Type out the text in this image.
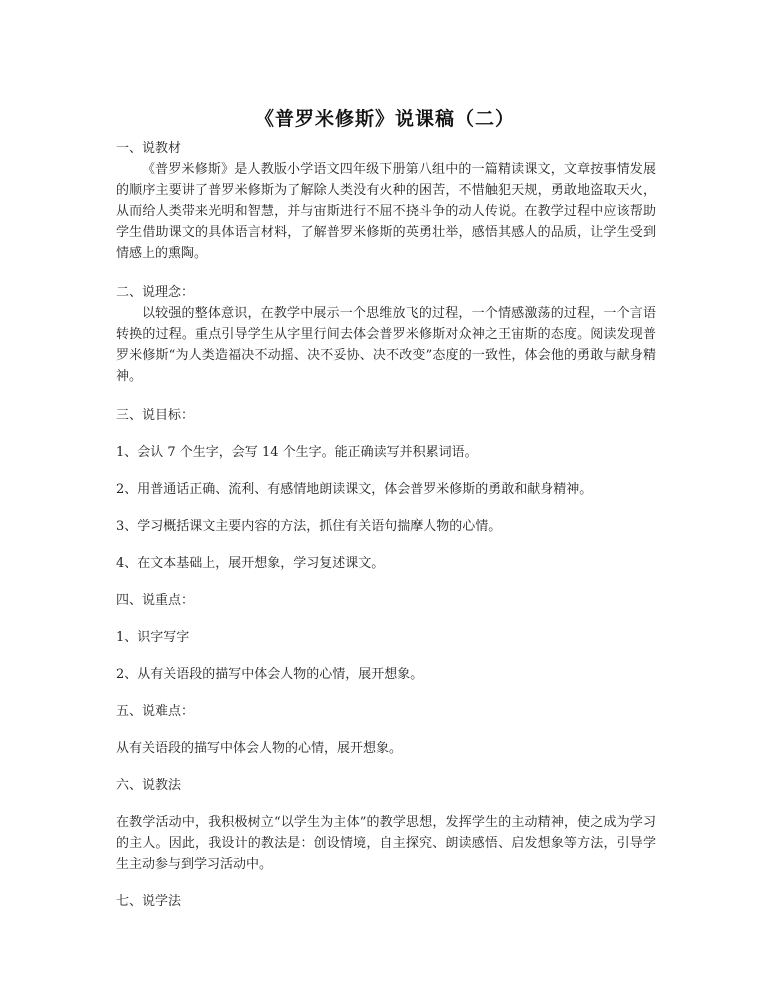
《普罗米修斯》说课稿（二）

一、说教材

《普罗米修斯》是人教版小学语文四年级下册第八组中的一篇精读课文，文章按事情发展的顺序主要讲了普罗米修斯为了解除人类没有火种的困苦，不惜触犯天规，勇敢地盗取天火，从而给人类带来光明和智慧，并与宙斯进行不屈不挠斗争的动人传说。在教学过程中应该帮助学生借助课文的具体语言材料，了解普罗米修斯的英勇壮举，感悟其感人的品质，让学生受到情感上的熏陶。

二、说理念：

以较强的整体意识，在教学中展示一个思维放飞的过程，一个情感激荡的过程，一个言语转换的过程。重点引导学生从字里行间去体会普罗米修斯对众神之王宙斯的态度。阅读发现普罗米修斯“为人类造福决不动摇、决不妥协、决不改变”态度的一致性，体会他的勇敢与献身精神。

三、说目标：

1、会认 7 个生字，会写 14 个生字。能正确读写并积累词语。

2、用普通话正确、流利、有感情地朗读课文，体会普罗米修斯的勇敢和献身精神。

3、学习概括课文主要内容的方法，抓住有关语句揣摩人物的心情。

4、在文本基础上，展开想象，学习复述课文。

四、说重点：

1、识字写字

2、从有关语段的描写中体会人物的心情，展开想象。

五、说难点：

从有关语段的描写中体会人物的心情，展开想象。

六、说教法

在教学活动中，我积极树立“以学生为主体”的教学思想，发挥学生的主动精神，使之成为学习的主人。因此，我设计的教法是：创设情境，自主探究、朗读感悟、启发想象等方法，引导学生主动参与到学习活动中。

七、说学法
